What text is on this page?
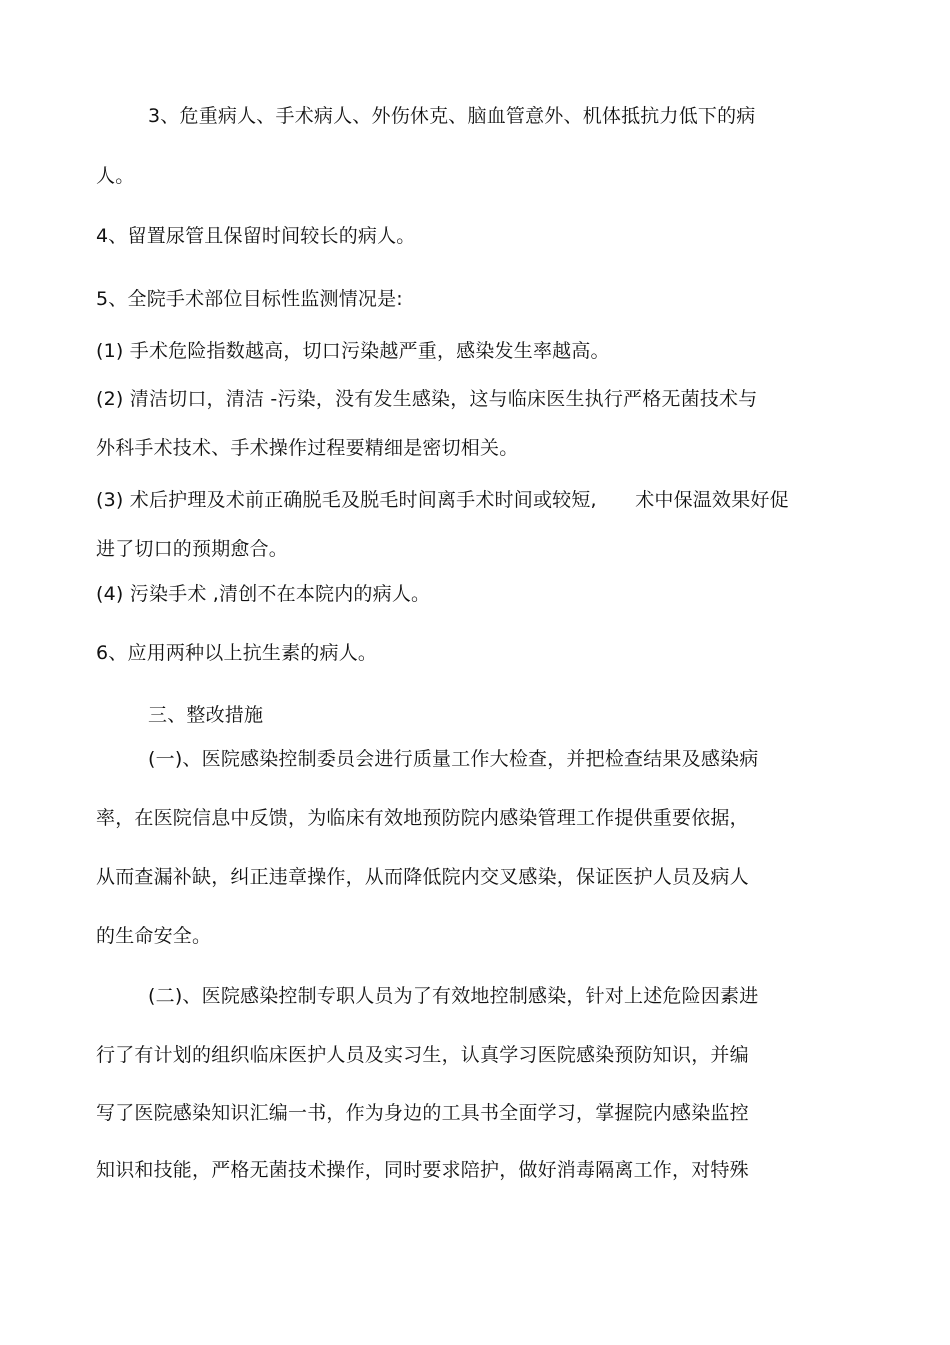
3、危重病人、手术病人、外伤休克、脑血管意外、机体抵抗力低下的病
人。
4、留置尿管且保留时间较长的病人。
5、全院手术部位目标性监测情况是:
(1) 手术危险指数越高，切口污染越严重，感染发生率越高。
(2) 清洁切口，清洁 -污染，没有发生感染，这与临床医生执行严格无菌技术与
外科手术技术、手术操作过程要精细是密切相关。
(3) 术后护理及术前正确脱毛及脱毛时间离手术时间或较短,　　术中保温效果好促
进了切口的预期愈合。
(4) 污染手术 ,清创不在本院内的病人。
6、应用两种以上抗生素的病人。
三、整改措施
(一)、医院感染控制委员会进行质量工作大检查，并把检查结果及感染病
率，在医院信息中反馈，为临床有效地预防院内感染管理工作提供重要依据，
从而查漏补缺，纠正违章操作，从而降低院内交叉感染，保证医护人员及病人
的生命安全。
(二)、医院感染控制专职人员为了有效地控制感染，针对上述危险因素进
行了有计划的组织临床医护人员及实习生，认真学习医院感染预防知识，并编
写了医院感染知识汇编一书，作为身边的工具书全面学习，掌握院内感染监控
知识和技能，严格无菌技术操作，同时要求陪护，做好消毒隔离工作，对特殊
